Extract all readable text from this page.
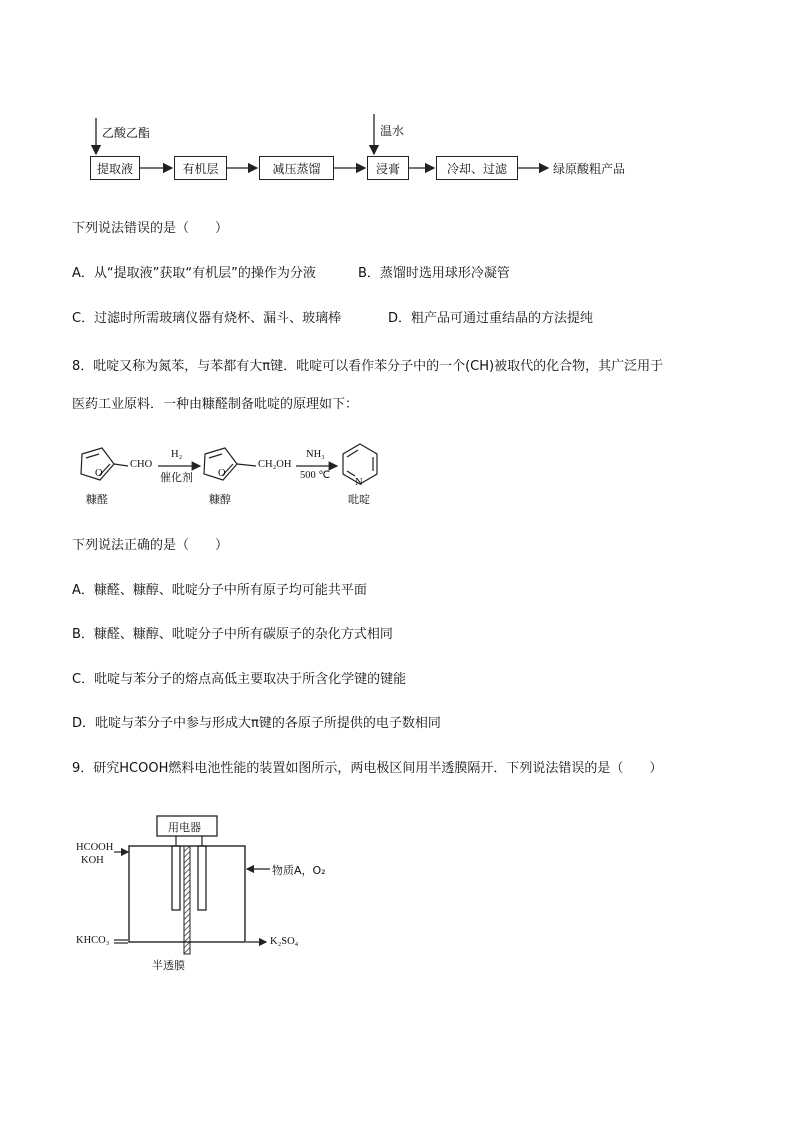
乙酸乙酯	温水
提取液	有机层	减压蒸馏	浸膏	冷却、过滤	绿原酸粗产品
下列说法错误的是（　　）
A．从“提取液”获取“有机层”的操作为分液	B．蒸馏时选用球形冷凝管
C．过滤时所需玻璃仪器有烧杯、漏斗、玻璃棒	D．粗产品可通过重结晶的方法提纯
8．吡啶又称为氮苯，与苯都有大π键．吡啶可以看作苯分子中的一个(CH)被取代的化合物，其广泛用于
医药工业原料．一种由糠醛制备吡啶的原理如下：
O
CHO
H₂
催化剂 O
CH₂OH
NH₃
500 ℃
N
糠醛	糠醇	吡啶
下列说法正确的是（　　）
A．糠醛、糠醇、吡啶分子中所有原子均可能共平面
B．糠醛、糠醇、吡啶分子中所有碳原子的杂化方式相同
C．吡啶与苯分子的熔点高低主要取决于所含化学键的键能
D．吡啶与苯分子中参与形成大π键的各原子所提供的电子数相同
9．研究HCOOH燃料电池性能的装置如图所示，两电极区间用半透膜隔开．下列说法错误的是（　　）
用电器
HCOOH
KOH
物质A，O₂
KHCO₃	K₂SO₄
半透膜
